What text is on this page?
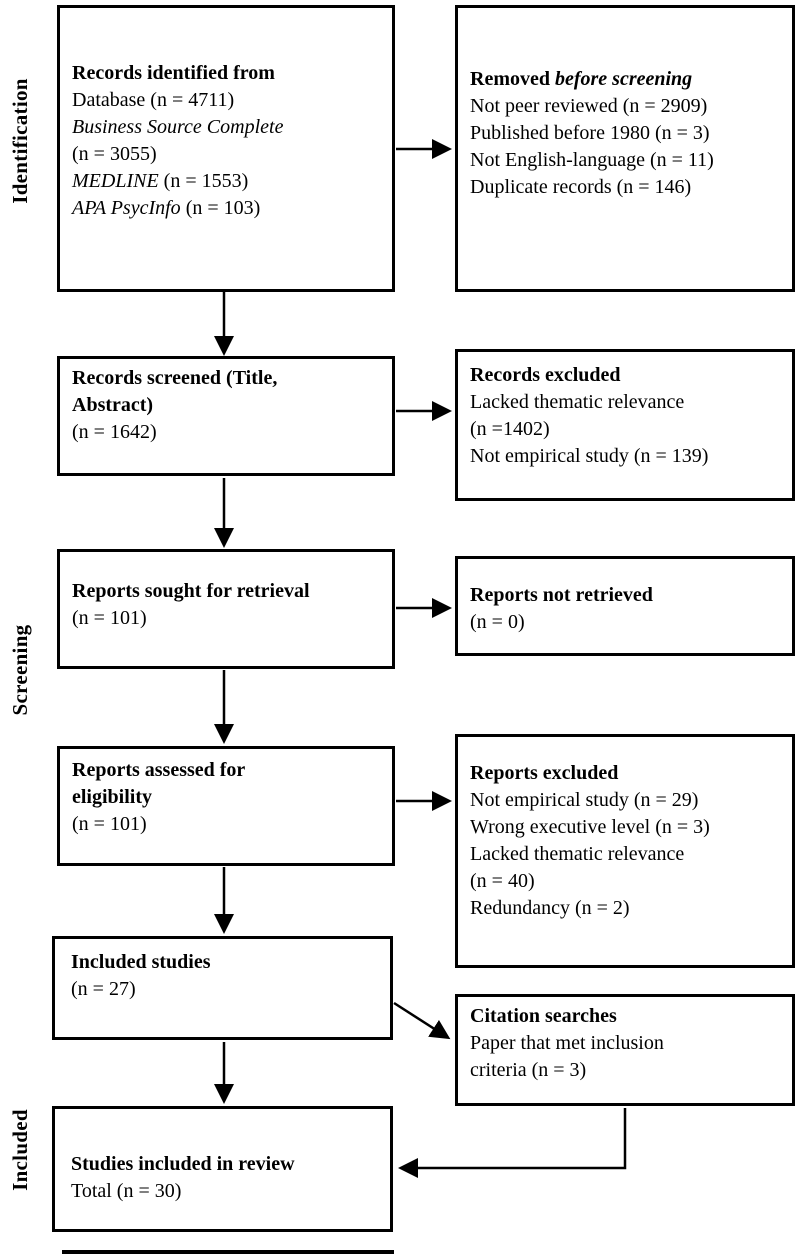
Identification
Screening
Included
Records identified from
Database (n = 4711)
Business Source Complete
(n = 3055)
MEDLINE (n = 1553)
APA PsycInfo (n = 103)
Removed before screening
Not peer reviewed (n = 2909)
Published before 1980 (n = 3)
Not English-language (n = 11)
Duplicate records (n = 146)
Records screened (Title,
Abstract)
(n = 1642)
Records excluded
Lacked thematic relevance
(n =1402)
Not empirical study (n = 139)
Reports sought for retrieval
(n = 101)
Reports not retrieved
(n = 0)
Reports assessed for
eligibility
(n = 101)
Reports excluded
Not empirical study (n = 29)
Wrong executive level (n = 3)
Lacked thematic relevance
(n = 40)
Redundancy (n = 2)
Included studies
(n = 27)
Citation searches
Paper that met inclusion
criteria (n = 3)
Studies included in review
Total (n = 30)
